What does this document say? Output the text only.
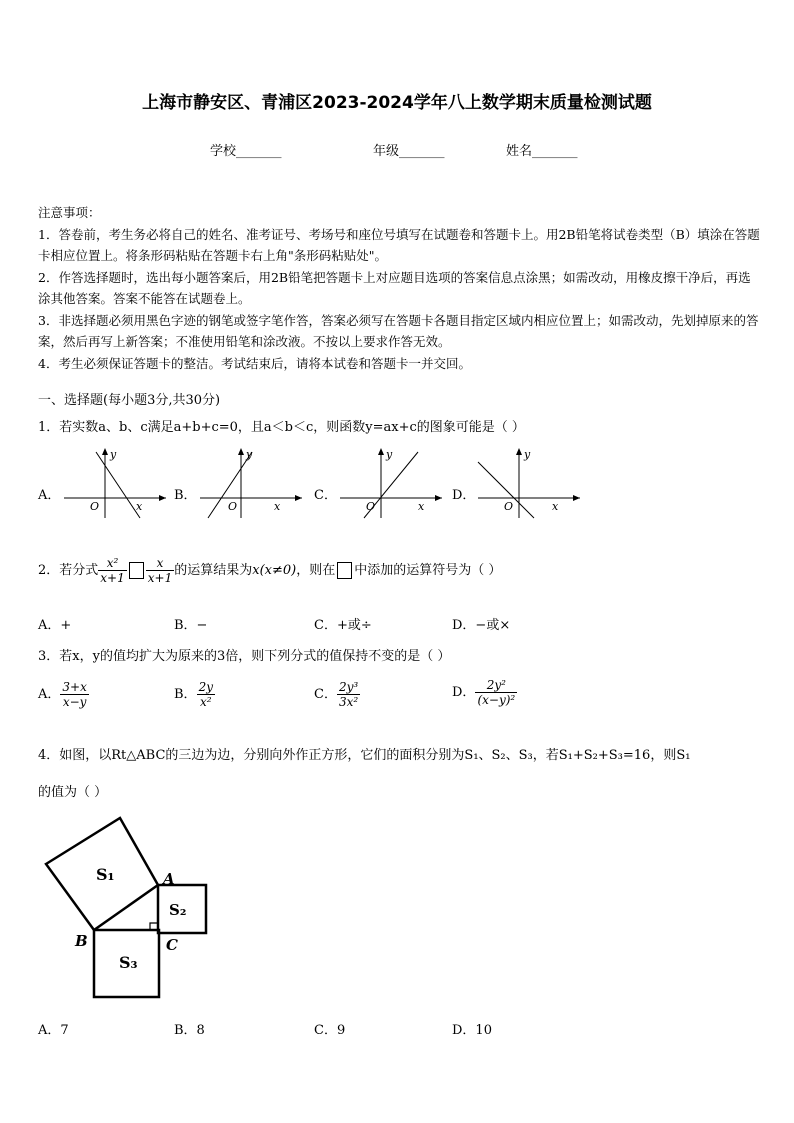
上海市静安区、青浦区2023-2024学年八上数学期末质量检测试题
学校_______	年级_______	姓名_______

注意事项：

1．答卷前，考生务必将自己的姓名、准考证号、考场号和座位号填写在试题卷和答题卡上。用2B铅笔将试卷类型（B）填涂在答题卡相应位置上。将条形码粘贴在答题卡右上角"条形码粘贴处"。

2．作答选择题时，选出每小题答案后，用2B铅笔把答题卡上对应题目选项的答案信息点涂黑；如需改动，用橡皮擦干净后，再选涂其他答案。答案不能答在试题卷上。

3．非选择题必须用黑色字迹的钢笔或签字笔作答，答案必须写在答题卡各题目指定区域内相应位置上；如需改动，先划掉原来的答案，然后再写上新答案；不准使用铅笔和涂改液。不按以上要求作答无效。

4．考生必须保证答题卡的整洁。考试结束后，请将本试卷和答题卡一并交回。

一、选择题(每小题3分,共30分)
1．若实数a、b、c满足a+b+c=0，且a＜b＜c，则函数y=ax+c的图象可能是（ ）
A．
y
x
O
B．
y
x
O
C．
y
x
O
D．
y
x
O
2．若分式 $\frac{\text{x²}}{x+1} \frac{x}{x+1}$ 的运算结果为x(x≠0)，则在 中添加的运算符号为（ ）
A．+	B．−	C．+或÷	D．−或×
3．若x，y的值均扩大为原来的3倍，则下列分式的值保持不变的是（ ）
A． $\frac{3+x}{x-y}$	B． $\frac{2y}{\text{x²}}$	C． $\frac{\text{2y³}}{\text{3x²}}$	D． $\frac{\text{2y²}}{\text{(x−y)²}}$
4．如图，以Rt△ABC的三边为边，分别向外作正方形，它们的面积分别为S₁、S₂、S₃，若S₁+S₂+S₃=16，则S₁
的值为（ ）
S₁
S₂
S₃
A
B	C
A．7	B．8	C．9	D．10
